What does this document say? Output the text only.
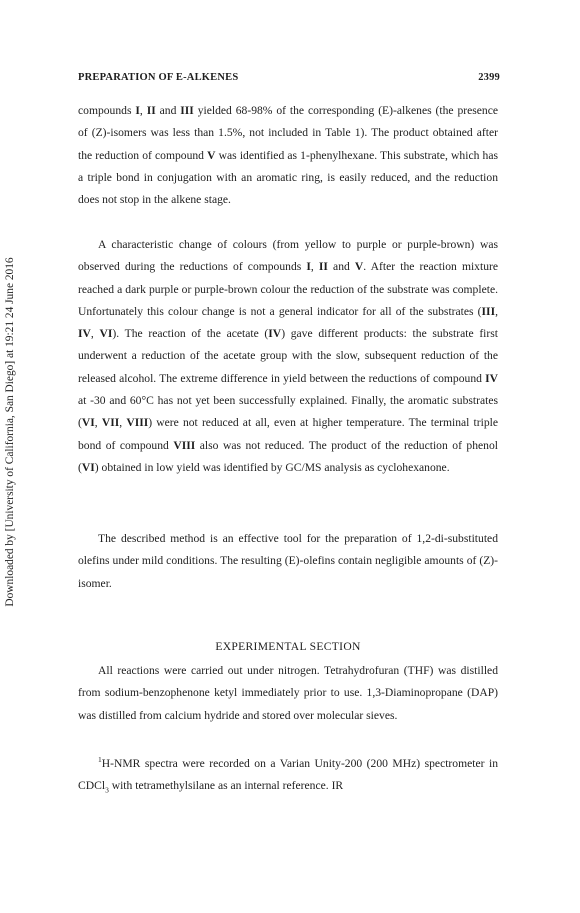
Downloaded by [University of California, San Diego] at 19:21 24 June 2016
PREPARATION OF E-ALKENES	2399

compounds I, II and III yielded 68-98% of the corresponding (E)-alkenes (the presence of (Z)-isomers was less than 1.5%, not included in Table 1). The product obtained after the reduction of compound V was identified as 1-phenylhexane. This substrate, which has a triple bond in conjugation with an aromatic ring, is easily reduced, and the reduction does not stop in the alkene stage.

A characteristic change of colours (from yellow to purple or purple-brown) was observed during the reductions of compounds I, II and V. After the reaction mixture reached a dark purple or purple-brown colour the reduction of the substrate was complete. Unfortunately this colour change is not a general indicator for all of the substrates (III, IV, VI). The reaction of the acetate (IV) gave different products: the substrate first underwent a reduction of the acetate group with the slow, subsequent reduction of the released alcohol. The extreme difference in yield between the reductions of compound IV at -30 and 60°C has not yet been successfully explained. Finally, the aromatic substrates (VI, VII, VIII) were not reduced at all, even at higher temperature. The terminal triple bond of compound VIII also was not reduced. The product of the reduction of phenol (VI) obtained in low yield was identified by GC/MS analysis as cyclohexanone.

The described method is an effective tool for the preparation of 1,2-di-substituted olefins under mild conditions. The resulting (E)-olefins contain negligible amounts of (Z)-isomer.

EXPERIMENTAL SECTION

All reactions were carried out under nitrogen. Tetrahydrofuran (THF) was distilled from sodium-benzophenone ketyl immediately prior to use. 1,3-Diaminopropane (DAP) was distilled from calcium hydride and stored over molecular sieves.

$^1$H-NMR spectra were recorded on a Varian Unity-200 (200 MHz) spectrometer in CDCl$_3$ with tetramethylsilane as an internal reference. IR
